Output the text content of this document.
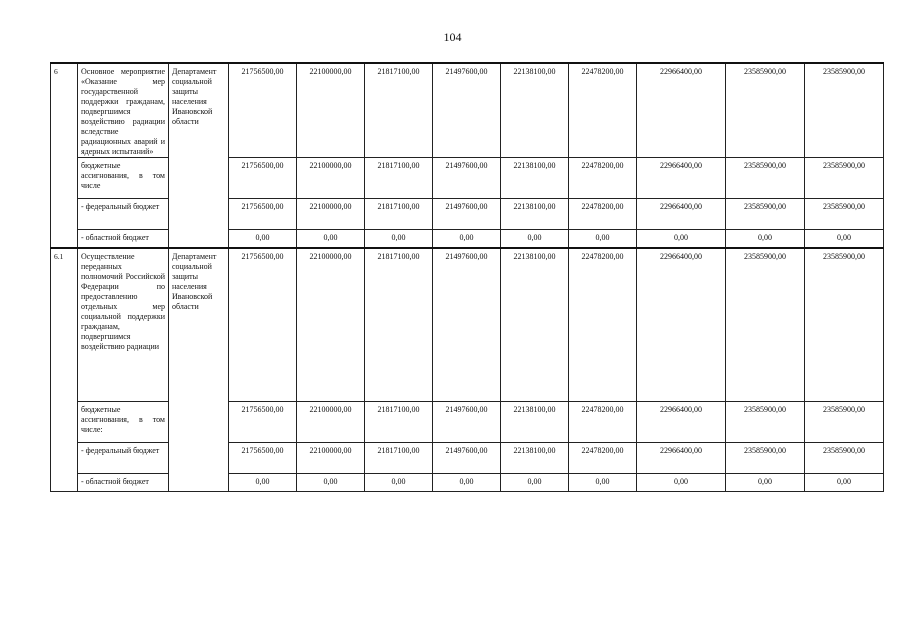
104
6	Основное мероприятие «Оказание мер государственной поддержки гражданам, подвергшимся воздействию радиации вследствие радиационных аварий и ядерных испытаний»	Департамент социальной защиты населения Ивановской области	21756500,00	22100000,00	21817100,00	21497600,00	22138100,00	22478200,00	22966400,00	23585900,00	23585900,00
	бюджетные ассигнования, в том числе		21756500,00	22100000,00	21817100,00	21497600,00	22138100,00	22478200,00	22966400,00	23585900,00	23585900,00
	- федеральный бюджет		21756500,00	22100000,00	21817100,00	21497600,00	22138100,00	22478200,00	22966400,00	23585900,00	23585900,00
	- областной бюджет		0,00	0,00	0,00	0,00	0,00	0,00	0,00	0,00	0,00
6.1	Осуществление переданных полномочий Российской Федерации по предоставлению отдельных мер социальной поддержки гражданам, подвергшимся воздействию радиации	Департамент социальной защиты населения Ивановской области	21756500,00	22100000,00	21817100,00	21497600,00	22138100,00	22478200,00	22966400,00	23585900,00	23585900,00
	бюджетные ассигнования, в том числе:		21756500,00	22100000,00	21817100,00	21497600,00	22138100,00	22478200,00	22966400,00	23585900,00	23585900,00
	- федеральный бюджет		21756500,00	22100000,00	21817100,00	21497600,00	22138100,00	22478200,00	22966400,00	23585900,00	23585900,00
	- областной бюджет		0,00	0,00	0,00	0,00	0,00	0,00	0,00	0,00	0,00
